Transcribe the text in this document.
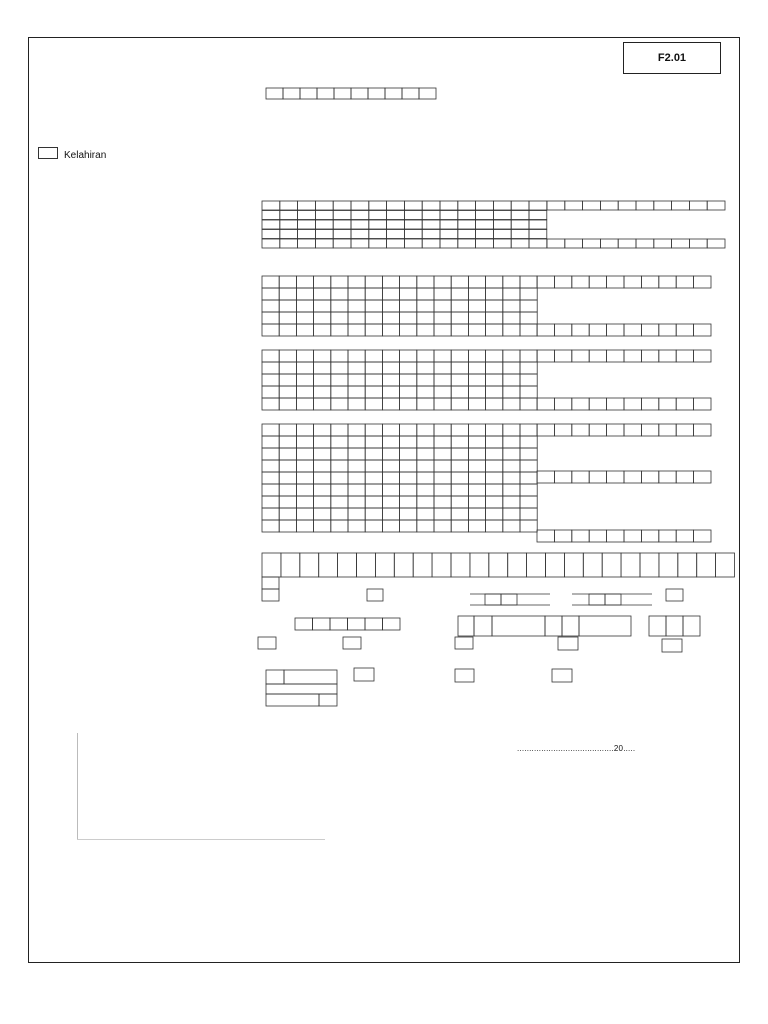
F2.01
Kelahiran
........................................20.....
